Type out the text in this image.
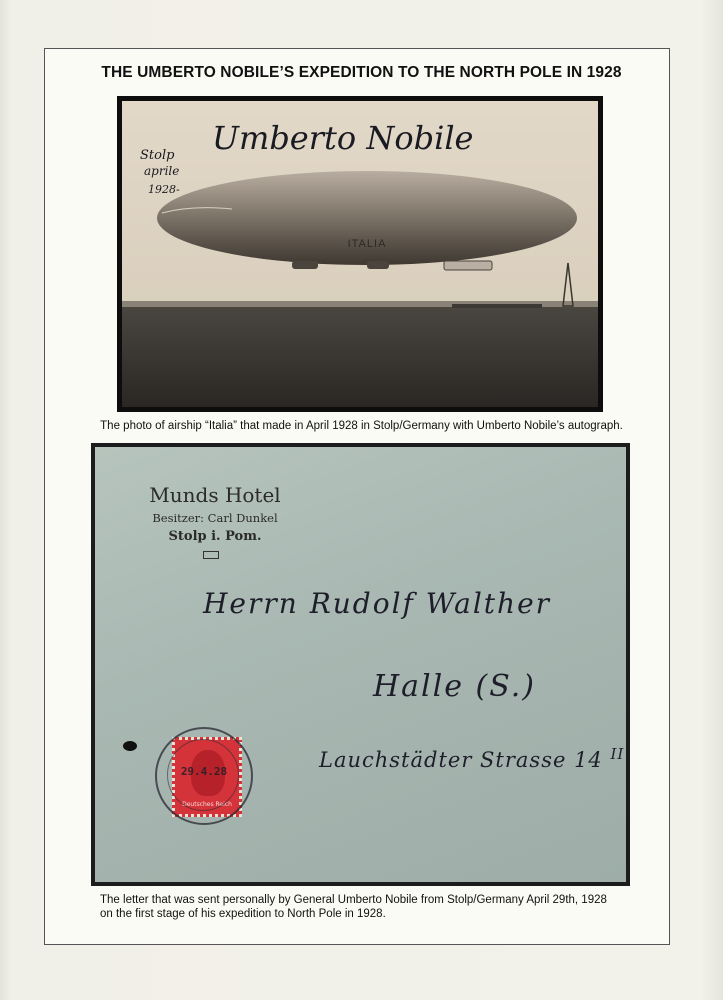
THE UMBERTO NOBILE’S EXPEDITION TO THE NORTH POLE IN 1928
ITALIA
Umberto Nobile
Stolp
aprile
1928-
The photo of airship “Italia” that made in April 1928 in Stolp/Germany with Umberto Nobile’s autograph.
Munds Hotel
Besitzer: Carl Dunkel
Stolp i. Pom.
Herrn Rudolf Walther
Halle (S.)
Lauchstädter Strasse 14 $^{II}$
Deutsches Reich
29.4.28
The letter that was sent personally by General Umberto Nobile from Stolp/Germany April 29th, 1928
on the first stage of his expedition to North Pole in 1928.
